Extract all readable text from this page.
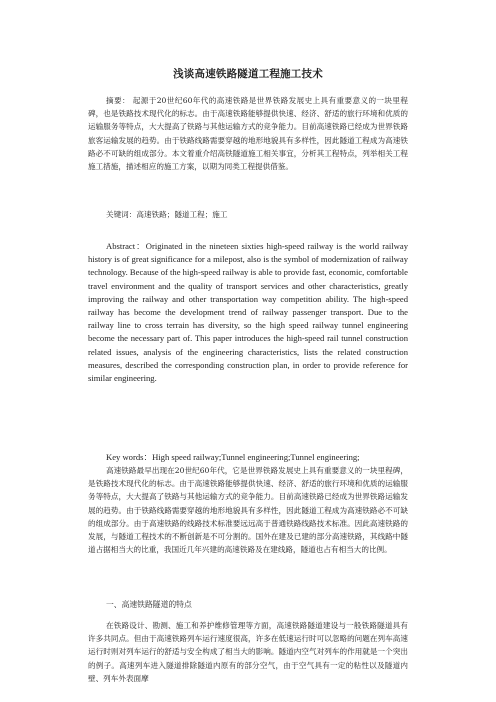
浅谈高速铁路隧道工程施工技术
摘要： 起源于20世纪60年代的高速铁路是世界铁路发展史上具有重要意义的一块里程碑，也是铁路技术现代化的标志。由于高速铁路能够提供快速、经济、舒适的旅行环境和优质的运输服务等特点，大大提高了铁路与其他运输方式的竞争能力。目前高速铁路已经成为世界铁路旅客运输发展的趋势。由于铁路线路需要穿越的地形地貌具有多样性，因此隧道工程成为高速铁路必不可缺的组成部分。本文着重介绍高铁隧道施工相关事宜，分析其工程特点，列举相关工程施工措施，描述相应的施工方案，以期为同类工程提供借鉴。
关键词：高速铁路；隧道工程；施工
Abstract：Originated in the nineteen sixties high-speed railway is the world railway history is of great significance for a milepost, also is the symbol of modernization of railway technology. Because of the high-speed railway is able to provide fast, economic, comfortable travel environment and the quality of transport services and other characteristics, greatly improving the railway and other transportation way competition ability. The high-speed railway has become the development trend of railway passenger transport. Due to the railway line to cross terrain has diversity, so the high speed railway tunnel engineering become the necessary part of. This paper introduces the high-speed rail tunnel construction related issues, analysis of the engineering characteristics, lists the related construction measures, described the corresponding construction plan, in order to provide reference for similar engineering.
Key words：High speed railway;Tunnel engineering;Tunnel engineering;
高速铁路最早出现在20世纪60年代，它是世界铁路发展史上具有重要意义的一块里程碑，是铁路技术现代化的标志。由于高速铁路能够提供快速、经济、舒适的旅行环境和优质的运输服务等特点，大大提高了铁路与其他运输方式的竞争能力。目前高速铁路已经成为世界铁路运输发展的趋势。由于铁路线路需要穿越的地形地貌具有多样性，因此隧道工程成为高速铁路必不可缺的组成部分。由于高速铁路的线路技术标准要远远高于普通铁路线路技术标准。因此高速铁路的发展，与隧道工程技术的不断创新是不可分割的。国外在建及已建的部分高速铁路，其线路中隧道占据相当大的比重，我国近几年兴建的高速铁路及在建线路，隧道也占有相当大的比例。
一、高速铁路隧道的特点
在铁路设计、勘测、施工和养护维修管理等方面，高速铁路隧道建设与一般铁路隧道具有许多共同点。但由于高速铁路列车运行速度很高，许多在低速运行时可以忽略的问题在列车高速运行时则对列车运行的舒适与安全构成了相当大的影响。隧道内空气对列车的作用就是一个突出的例子。高速列车进入隧道排除隧道内原有的部分空气，由于空气具有一定的粘性以及隧道内壁、列车外表面摩
